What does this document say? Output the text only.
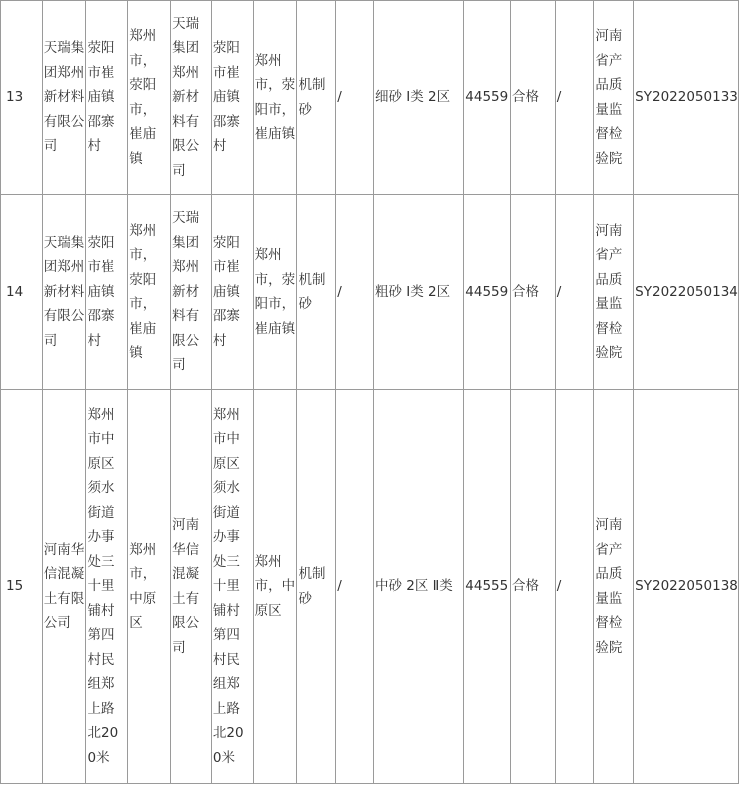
13	天瑞集团郑州新材料有限公司	荥阳市崔庙镇邵寨村	郑州市，荥阳市，崔庙镇	天瑞集团郑州新材料有限公司	荥阳市崔庙镇邵寨村	郑州市，荥阳市，崔庙镇	机制砂	/	细砂 Ⅰ类 2区	44559	合格	/	河南省产品质量监督检验院	SY2022050133
14	天瑞集团郑州新材料有限公司	荥阳市崔庙镇邵寨村	郑州市，荥阳市，崔庙镇	天瑞集团郑州新材料有限公司	荥阳市崔庙镇邵寨村	郑州市，荥阳市，崔庙镇	机制砂	/	粗砂 Ⅰ类 2区	44559	合格	/	河南省产品质量监督检验院	SY2022050134
15	河南华信混凝土有限公司	郑州市中原区须水街道办事处三十里铺村第四村民组郑上路北200米	郑州市，中原区	河南华信混凝土有限公司	郑州市中原区须水街道办事处三十里铺村第四村民组郑上路北200米	郑州市，中原区	机制砂	/	中砂 2区 Ⅱ类	44555	合格	/	河南省产品质量监督检验院	SY2022050138
